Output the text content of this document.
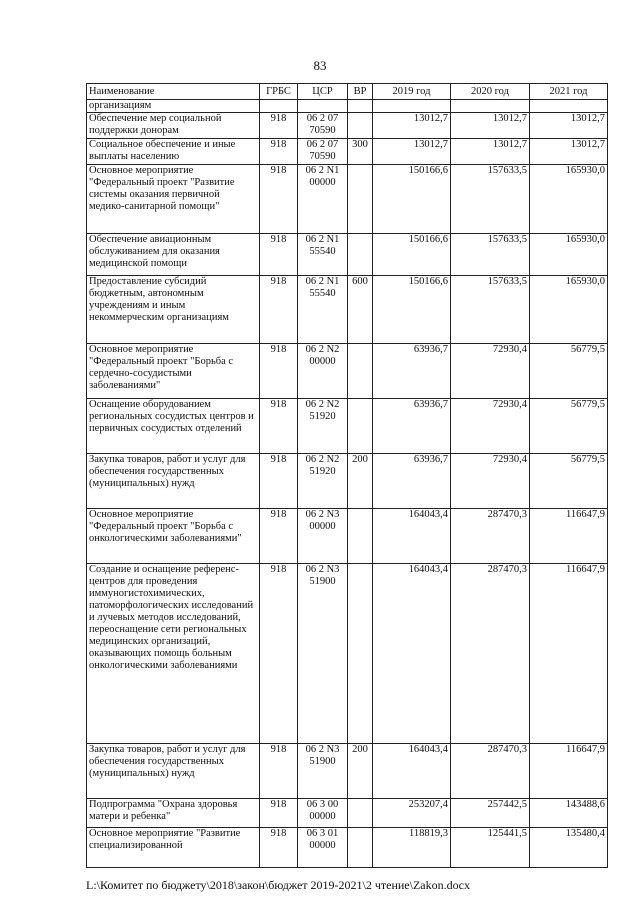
83
Наименование	ГРБС	ЦСР	ВР	2019 год	2020 год	2021 год
организациям						
Обеспечение мер социальной поддержки донорам	918	06 2 07 70590		13012,7	13012,7	13012,7
Социальное обеспечение и иные выплаты населению	918	06 2 07 70590	300	13012,7	13012,7	13012,7
Основное мероприятие "Федеральный проект "Развитие системы оказания первичной медико-санитарной помощи"	918	06 2 N1 00000		150166,6	157633,5	165930,0
Обеспечение авиационным обслуживанием для оказания медицинской помощи	918	06 2 N1 55540		150166,6	157633,5	165930,0
Предоставление субсидий бюджетным, автономным учреждениям и иным некоммерческим организациям	918	06 2 N1 55540	600	150166,6	157633,5	165930,0
Основное мероприятие "Федеральный проект "Борьба с сердечно-сосудистыми заболеваниями"	918	06 2 N2 00000		63936,7	72930,4	56779,5
Оснащение оборудованием региональных сосудистых центров и первичных сосудистых отделений	918	06 2 N2 51920		63936,7	72930,4	56779,5
Закупка товаров, работ и услуг для обеспечения государственных (муниципальных) нужд	918	06 2 N2 51920	200	63936,7	72930,4	56779,5
Основное мероприятие "Федеральный проект "Борьба с онкологическими заболеваниями"	918	06 2 N3 00000		164043,4	287470,3	116647,9
Создание и оснащение референс-центров для проведения иммуногистохимических, патоморфологических исследований и лучевых методов исследований, переоснащение сети региональных медицинских организаций, оказывающих помощь больным онкологическими заболеваниями	918	06 2 N3 51900		164043,4	287470,3	116647,9
Закупка товаров, работ и услуг для обеспечения государственных (муниципальных) нужд	918	06 2 N3 51900	200	164043,4	287470,3	116647,9
Подпрограмма "Охрана здоровья матери и ребенка"	918	06 3 00 00000		253207,4	257442,5	143488,6
Основное мероприятие "Развитие специализированной	918	06 3 01 00000		118819,3	125441,5	135480,4
L:\Комитет по бюджету\2018\закон\бюджет 2019-2021\2 чтение\Zakon.docx
